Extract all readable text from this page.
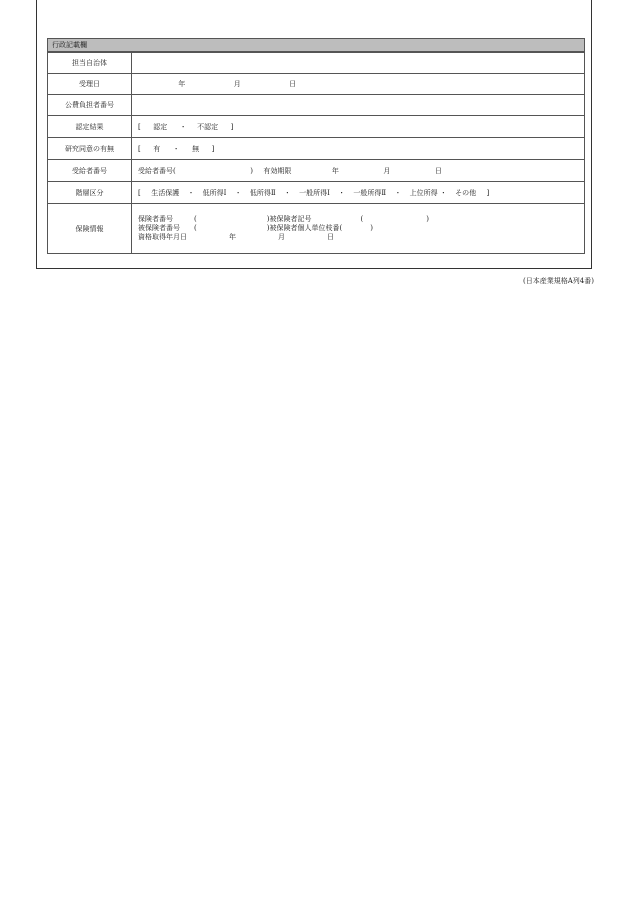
行政記載欄
担当自治体	
受理日	年 月 日
公費負担者番号	
認定結果	[ 認定 ・ 不認定 ]
研究同意の有無	[ 有 ・ 無 ]
受給者番号	受給者番号( ) 有効期限 年 月 日
階層区分	[ 生活保護 ・ 低所得Ⅰ ・ 低所得Ⅱ ・ 一般所得Ⅰ ・ 一般所得Ⅱ ・ 上位所得 ・ その他 ]
保険情報	保険者番号　　　(　　　　　　　　　　)被保険者記号　　　　　　　(　　　　　　　　　)
被保険者番号　　(　　　　　　　　　　)被保険者個人単位枝番(　　　　)
資格取得年月日　　　　　　年　　　　　　月　　　　　　日
(日本産業規格A列4番)
